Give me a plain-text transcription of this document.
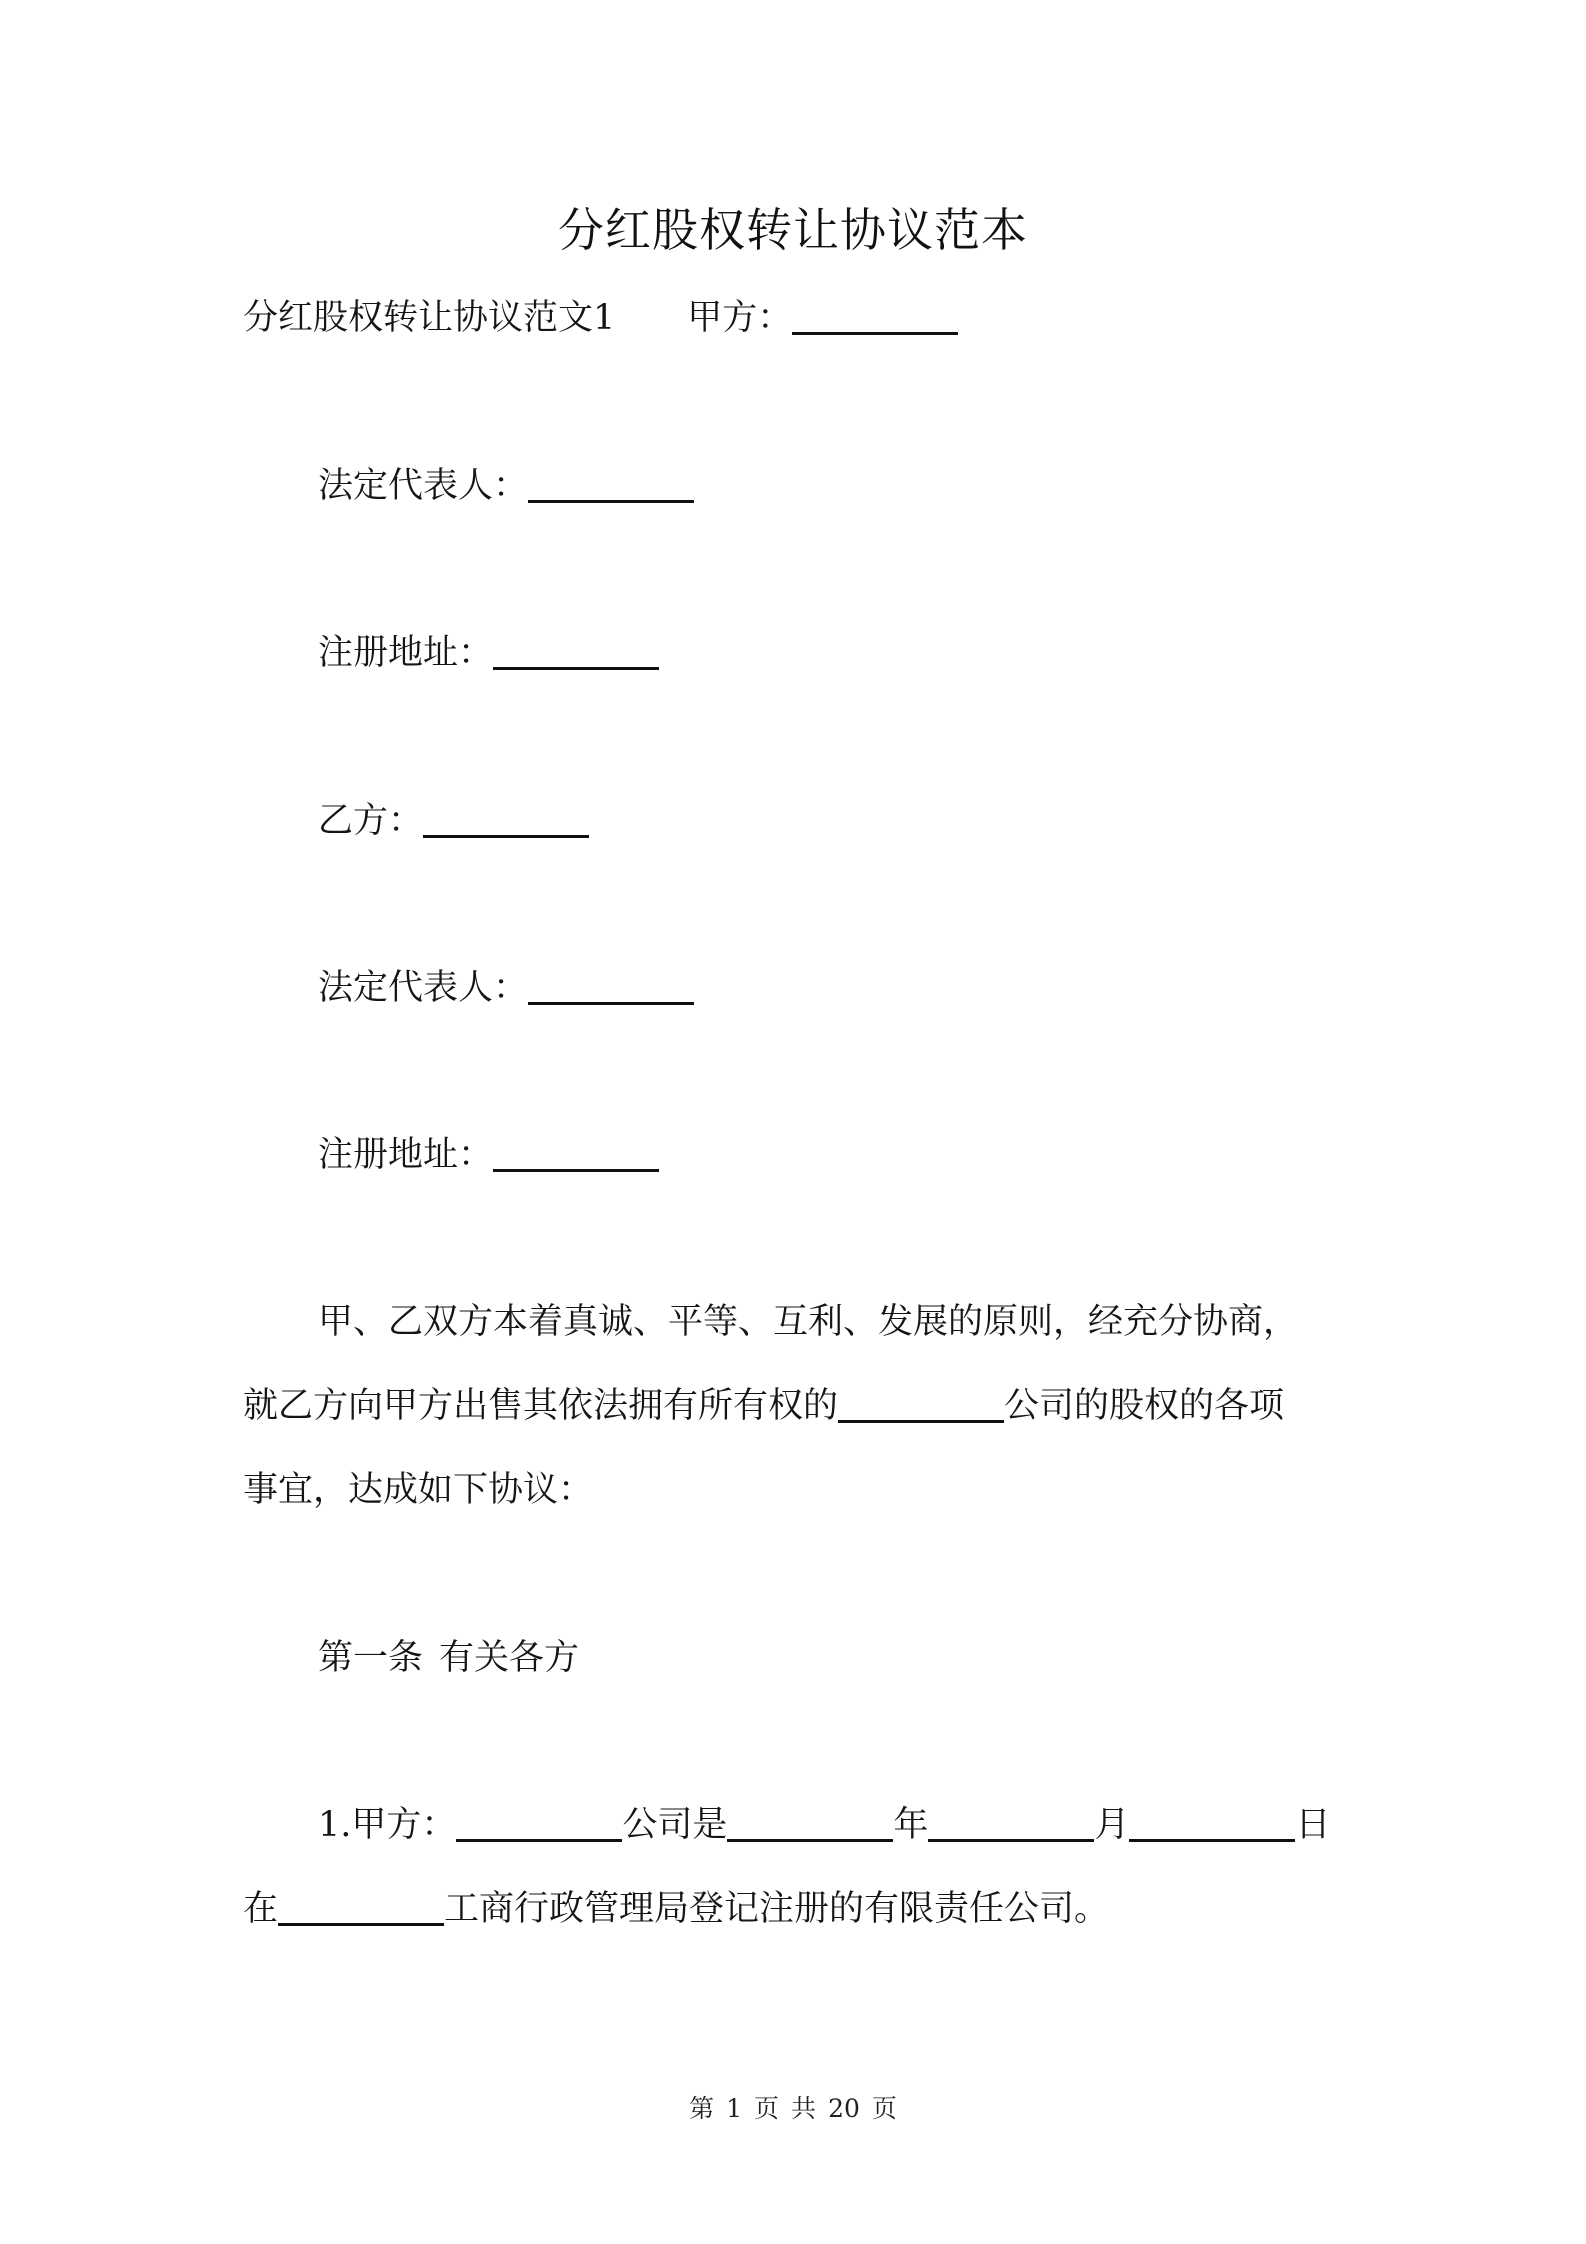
分红股权转让协议范本
分红股权转让协议范文1 甲方：
法定代表人：
注册地址：
乙方：
法定代表人：
注册地址：
甲、乙双方本着真诚、平等、互利、发展的原则，经充分协商，
就乙方向甲方出售其依法拥有所有权的	公司的股权的各项
事宜，达成如下协议：
第一条 有关各方
1.甲方：	公司是	年	月	日
在	工商行政管理局登记注册的有限责任公司。
第 1 页 共 20 页
